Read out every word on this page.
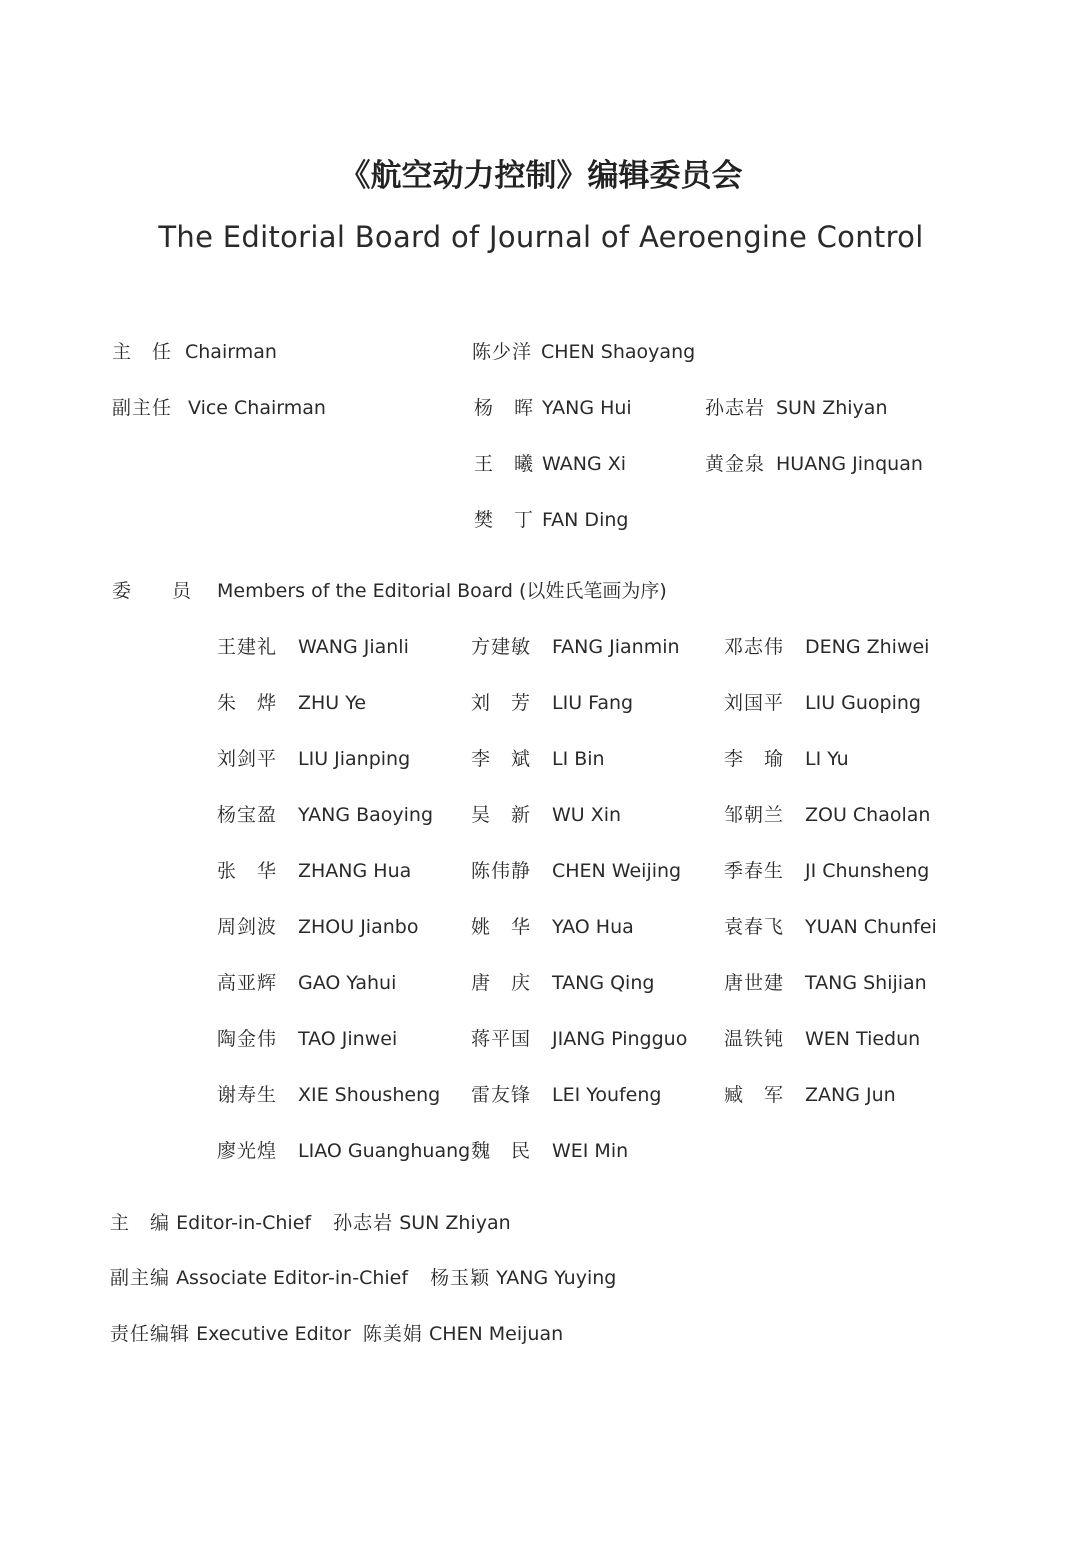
《航空动力控制》编辑委员会
The Editorial Board of Journal of Aeroengine Control
主　任 Chairman	陈少洋 CHEN Shaoyang
副主任 Vice Chairman	杨　晖 YANG Hui	孙志岩 SUN Zhiyan
王　曦 WANG Xi	黄金泉 HUANG Jinquan
樊　丁 FAN Ding
委　　员 Members of the Editorial Board (以姓氏笔画为序)
王建礼 WANG Jianli	方建敏 FANG Jianmin 邓志伟 DENG Zhiwei
朱　烨 ZHU Ye	刘　芳 LIU Fang	刘国平 LIU Guoping
刘剑平 LIU Jianping	李　斌 LI Bin	李　瑜 LI Yu
杨宝盈 YANG Baoying 吴　新 WU Xin	邹朝兰 ZOU Chaolan
张　华 ZHANG Hua	陈伟静 CHEN Weijing 季春生 JI Chunsheng
周剑波 ZHOU Jianbo	姚　华 YAO Hua	袁春飞 YUAN Chunfei
高亚辉 GAO Yahui	唐　庆 TANG Qing	唐世建 TANG Shijian
陶金伟 TAO Jinwei	蒋平国 JIANG Pingguo 温铁钝 WEN Tiedun
谢寿生 XIE Shousheng 雷友锋 LEI Youfeng	臧　军 ZANG Jun
廖光煌 LIAO Guanghuang 魏　民 WEI Min
主　编 Editor-in-Chief 孙志岩 SUN Zhiyan
副主编 Associate Editor-in-Chief 杨玉颖 YANG Yuying
责任编辑 Executive Editor 陈美娟 CHEN Meijuan
